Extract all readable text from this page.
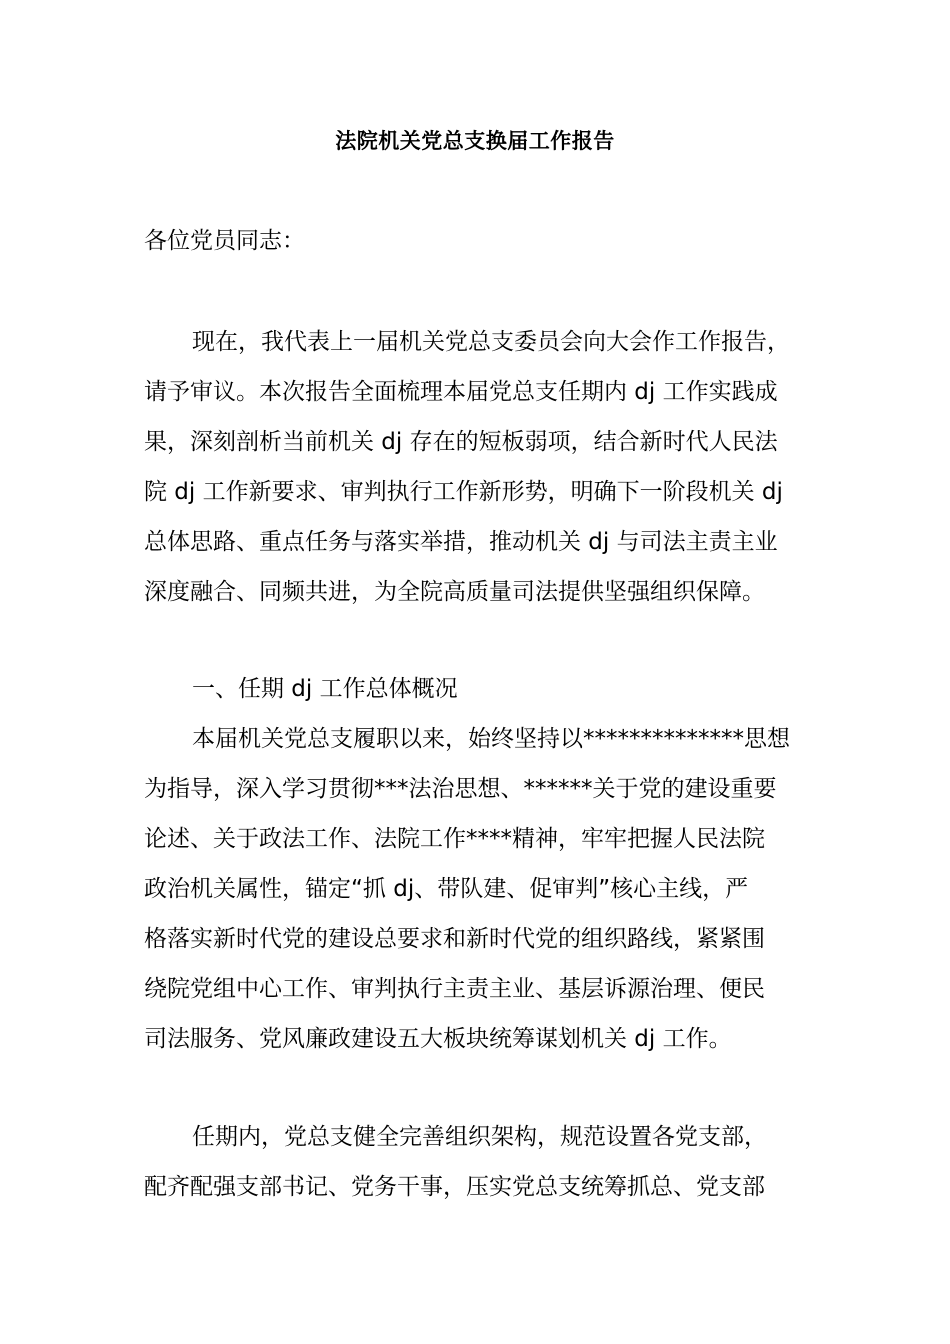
法院机关党总支换届工作报告
各位党员同志：
现在，我代表上一届机关党总支委员会向大会作工作报告，
请予审议。本次报告全面梳理本届党总支任期内 dj 工作实践成
果，深刻剖析当前机关 dj 存在的短板弱项，结合新时代人民法
院 dj 工作新要求、审判执行工作新形势，明确下一阶段机关 dj
总体思路、重点任务与落实举措，推动机关 dj 与司法主责主业
深度融合、同频共进，为全院高质量司法提供坚强组织保障。
一、任期 dj 工作总体概况
本届机关党总支履职以来，始终坚持以**************思想
为指导，深入学习贯彻***法治思想、******关于党的建设重要
论述、关于政法工作、法院工作****精神，牢牢把握人民法院
政治机关属性，锚定“抓 dj、带队建、促审判”核心主线，严
格落实新时代党的建设总要求和新时代党的组织路线，紧紧围
绕院党组中心工作、审判执行主责主业、基层诉源治理、便民
司法服务、党风廉政建设五大板块统筹谋划机关 dj 工作。
任期内，党总支健全完善组织架构，规范设置各党支部，
配齐配强支部书记、党务干事，压实党总支统筹抓总、党支部
